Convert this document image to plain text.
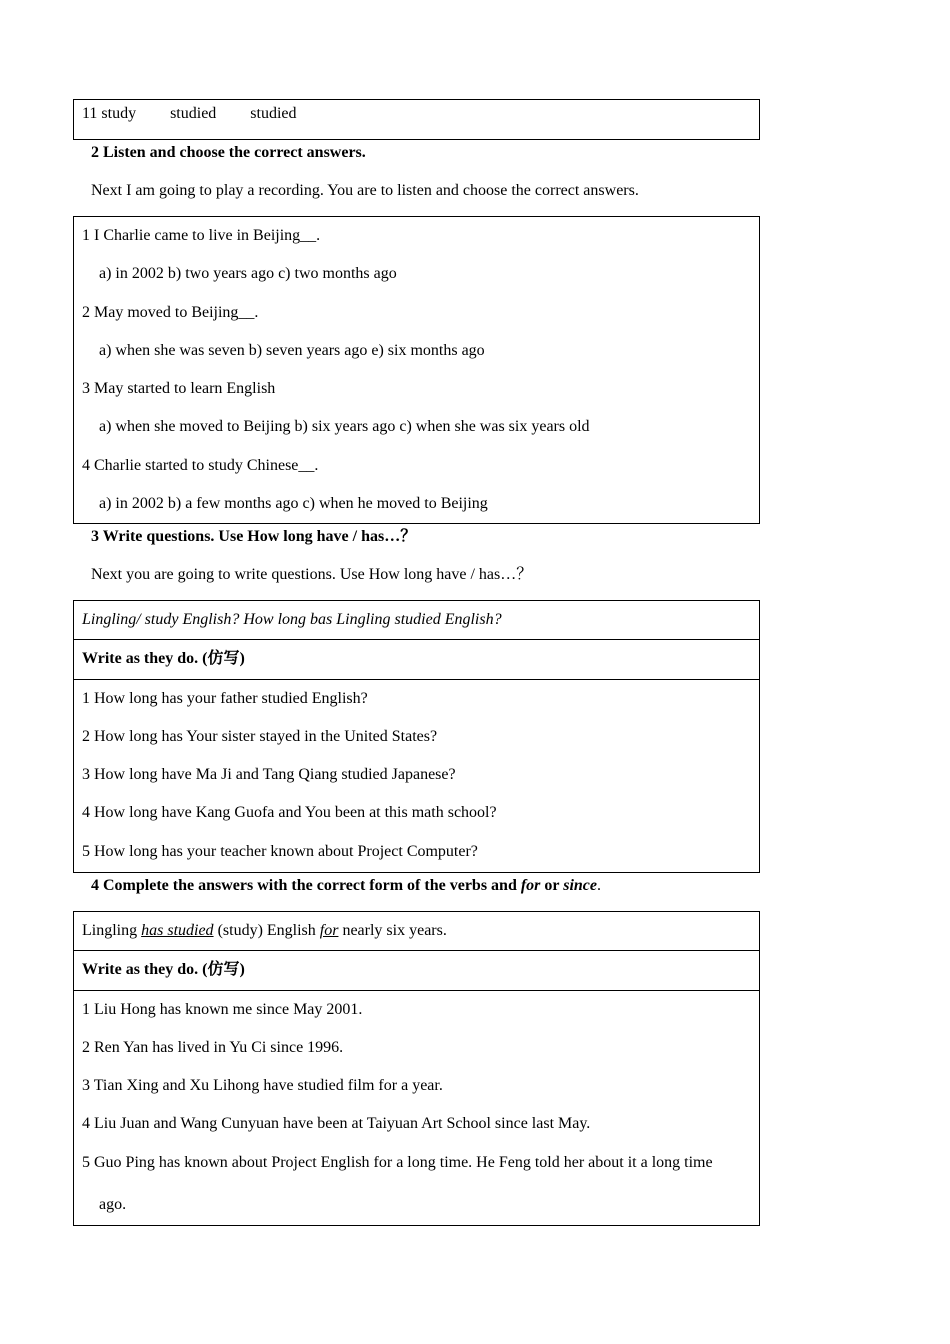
11 study studied studied
2 Listen and choose the correct answers.
Next I am going to play a recording. You are to listen and choose the correct answers.
1 I Charlie came to live in Beijing__.
a) in 2002 b) two years ago c) two months ago
2 May moved to Beijing__.
a) when she was seven b) seven years ago e) six months ago
3 May started to learn English
a) when she moved to Beijing b) six years ago c) when she was six years old
4 Charlie started to study Chinese__.
a) in 2002 b) a few months ago c) when he moved to Beijing
3 Write questions. Use How long have / has…？
Next you are going to write questions. Use How long have / has…？
Lingling/ study English? How long bas Lingling studied English?
Write as they do. (仿写)
1 How long has your father studied English?
2 How long has Your sister stayed in the United States?
3 How long have Ma Ji and Tang Qiang studied Japanese?
4 How long have Kang Guofa and You been at this math school?
5 How long has your teacher known about Project Computer?
4 Complete the answers with the correct form of the verbs and for or since.
Lingling has studied (study) English for nearly six years.
Write as they do. (仿写)
1 Liu Hong has known me since May 2001.
2 Ren Yan has lived in Yu Ci since 1996.
3 Tian Xing and Xu Lihong have studied film for a year.
4 Liu Juan and Wang Cunyuan have been at Taiyuan Art School since last May.
5 Guo Ping has known about Project English for a long time. He Feng told her about it a long time
ago.
